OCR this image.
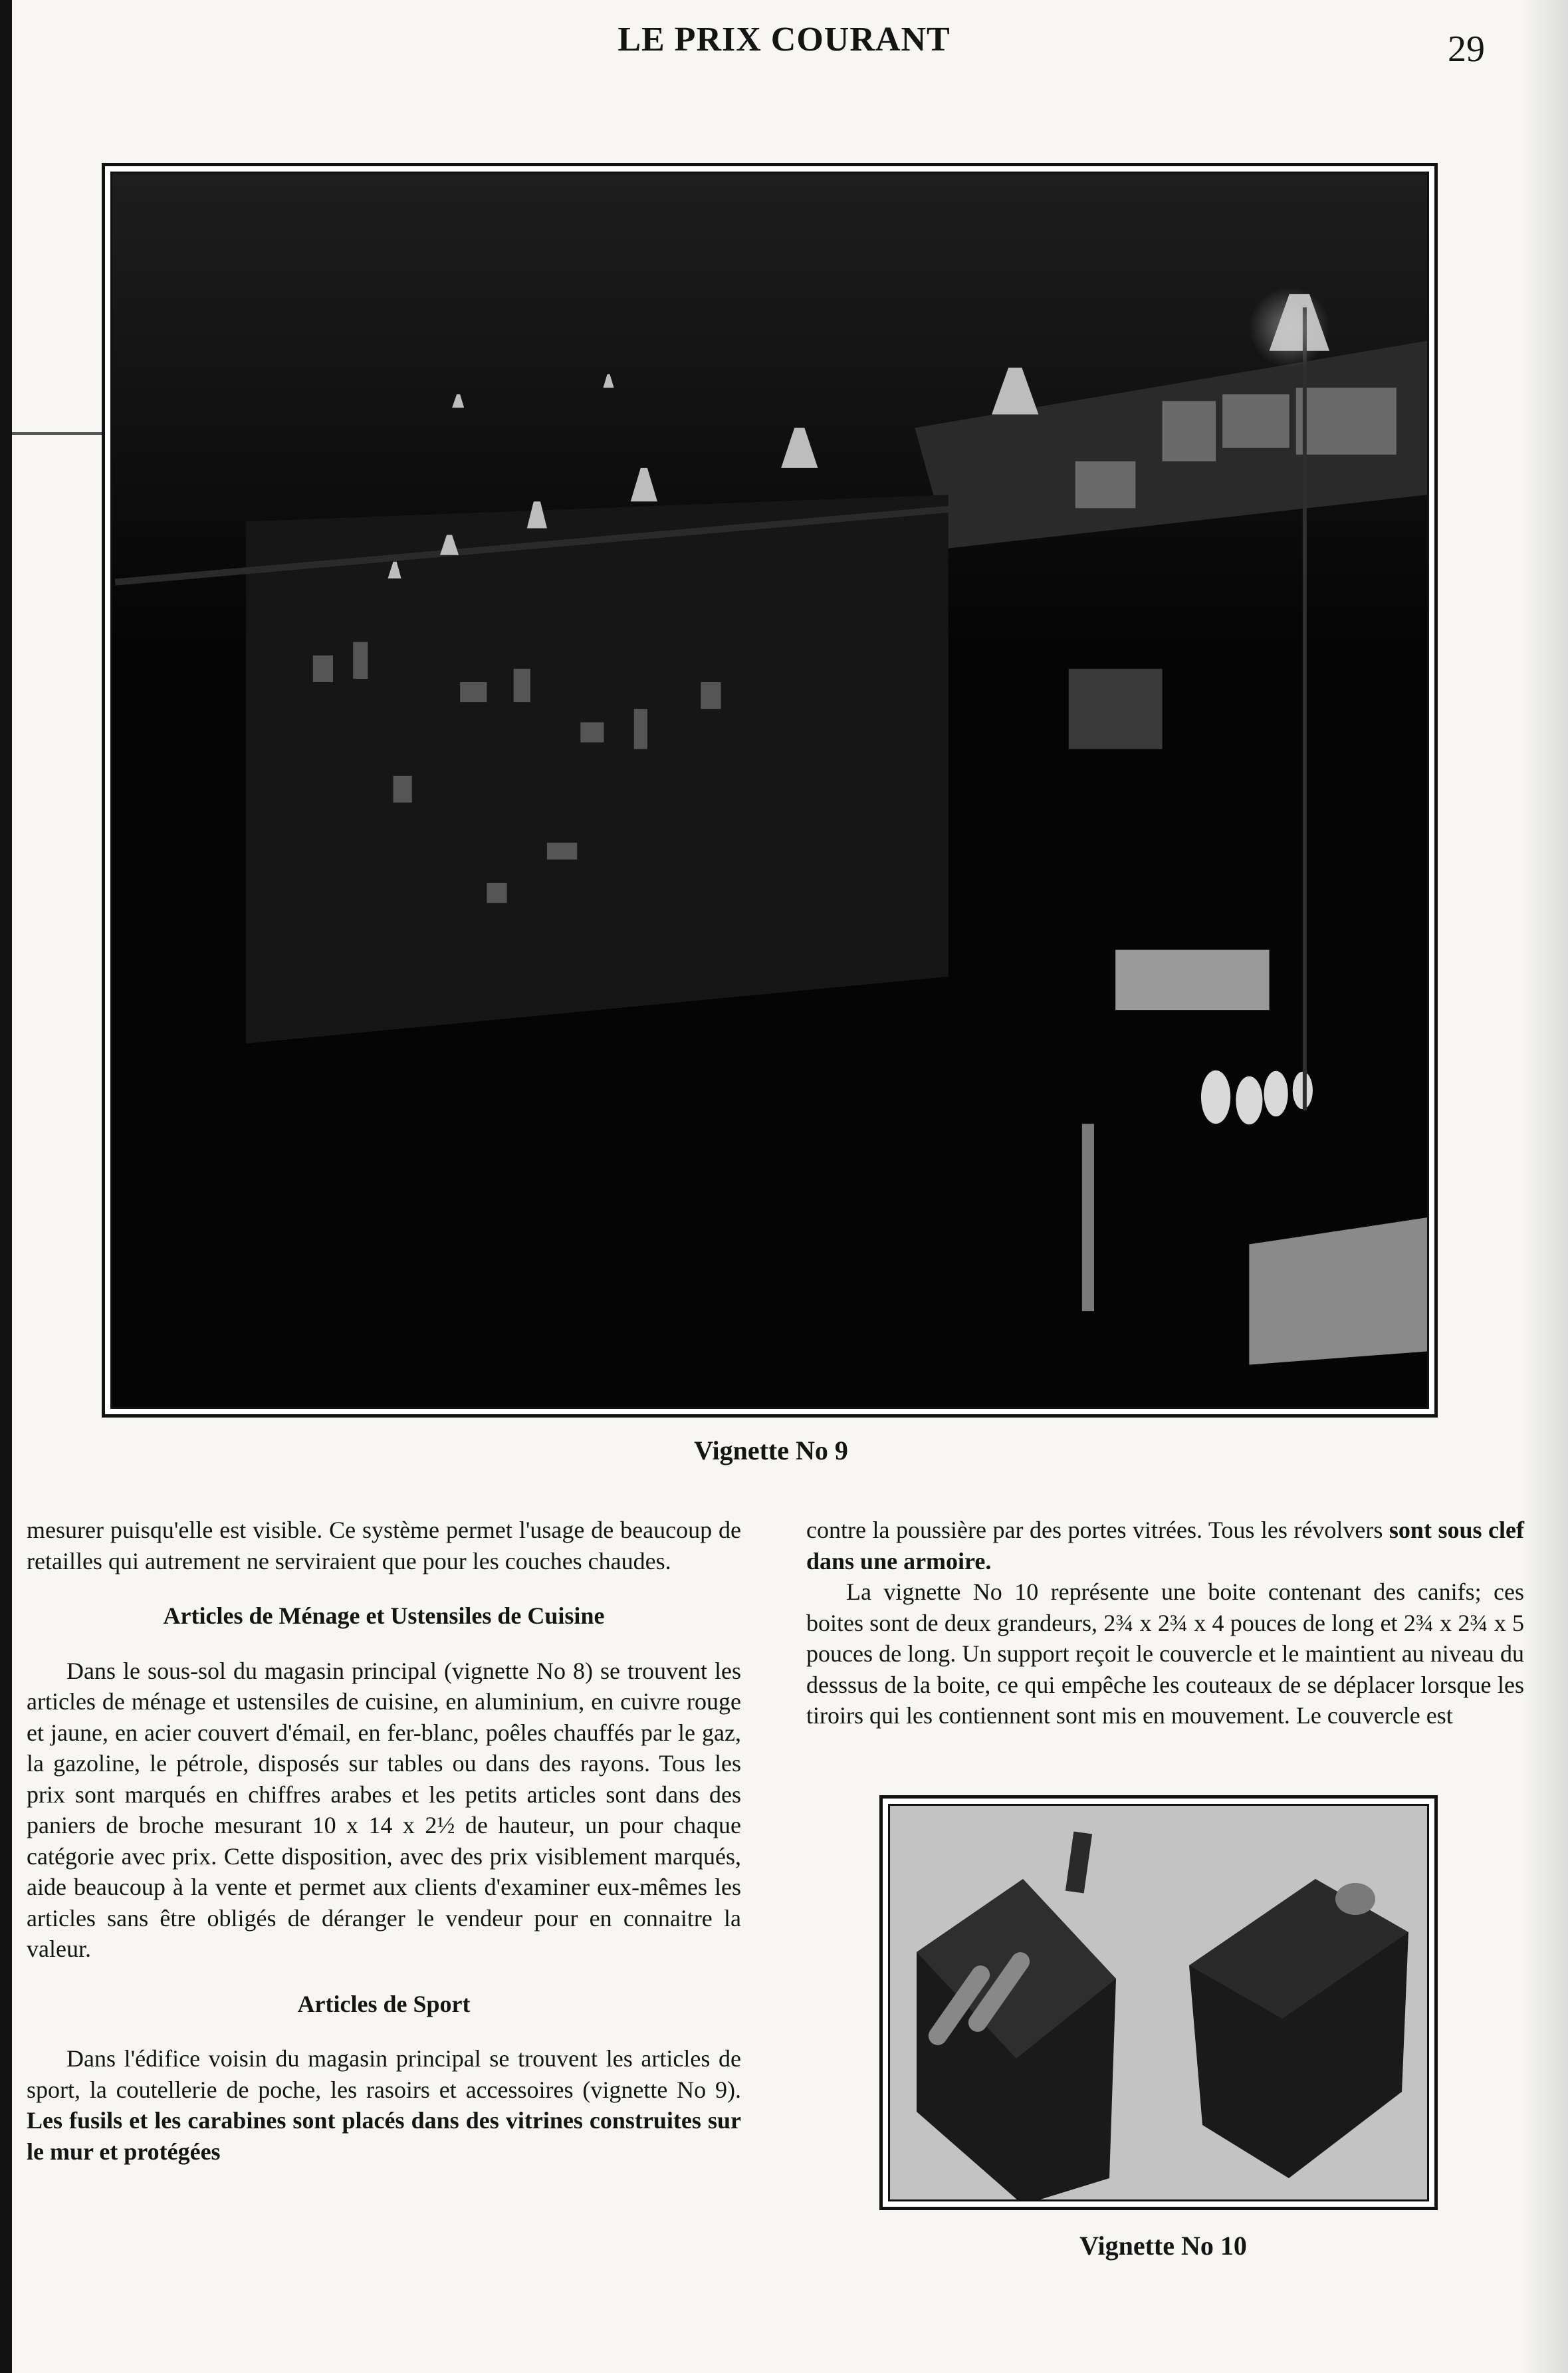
LE PRIX COURANT	29
Vignette No 9

mesurer puisqu'elle est visible. Ce système permet l'usage de beaucoup de retailles qui autrement ne serviraient que pour les couches chaudes.

Articles de Ménage et Ustensiles de Cuisine

Dans le sous-sol du magasin principal (vignette No 8) se trouvent les articles de ménage et ustensiles de cuisine, en aluminium, en cuivre rouge et jaune, en acier couvert d'émail, en fer-blanc, poêles chauffés par le gaz, la gazoline, le pétrole, disposés sur tables ou dans des rayons. Tous les prix sont marqués en chiffres arabes et les petits articles sont dans des paniers de broche mesurant 10 x 14 x 2½ de hauteur, un pour chaque catégorie avec prix. Cette disposition, avec des prix visiblement marqués, aide beaucoup à la vente et permet aux clients d'examiner eux-mêmes les articles sans être obligés de déranger le vendeur pour en connaitre la valeur.

Articles de Sport

Dans l'édifice voisin du magasin principal se trouvent les articles de sport, la coutellerie de poche, les rasoirs et accessoires (vignette No 9). Les fusils et les carabines sont placés dans des vitrines construites sur le mur et protégées

contre la poussière par des portes vitrées. Tous les révolvers sont sous clef dans une armoire.

La vignette No 10 représente une boite contenant des canifs; ces boites sont de deux grandeurs, 2¾ x 2¾ x 4 pouces de long et 2¾ x 2¾ x 5 pouces de long. Un support reçoit le couvercle et le maintient au niveau du desssus de la boite, ce qui empêche les couteaux de se déplacer lorsque les tiroirs qui les contiennent sont mis en mouvement. Le couvercle est

Vignette No 10
